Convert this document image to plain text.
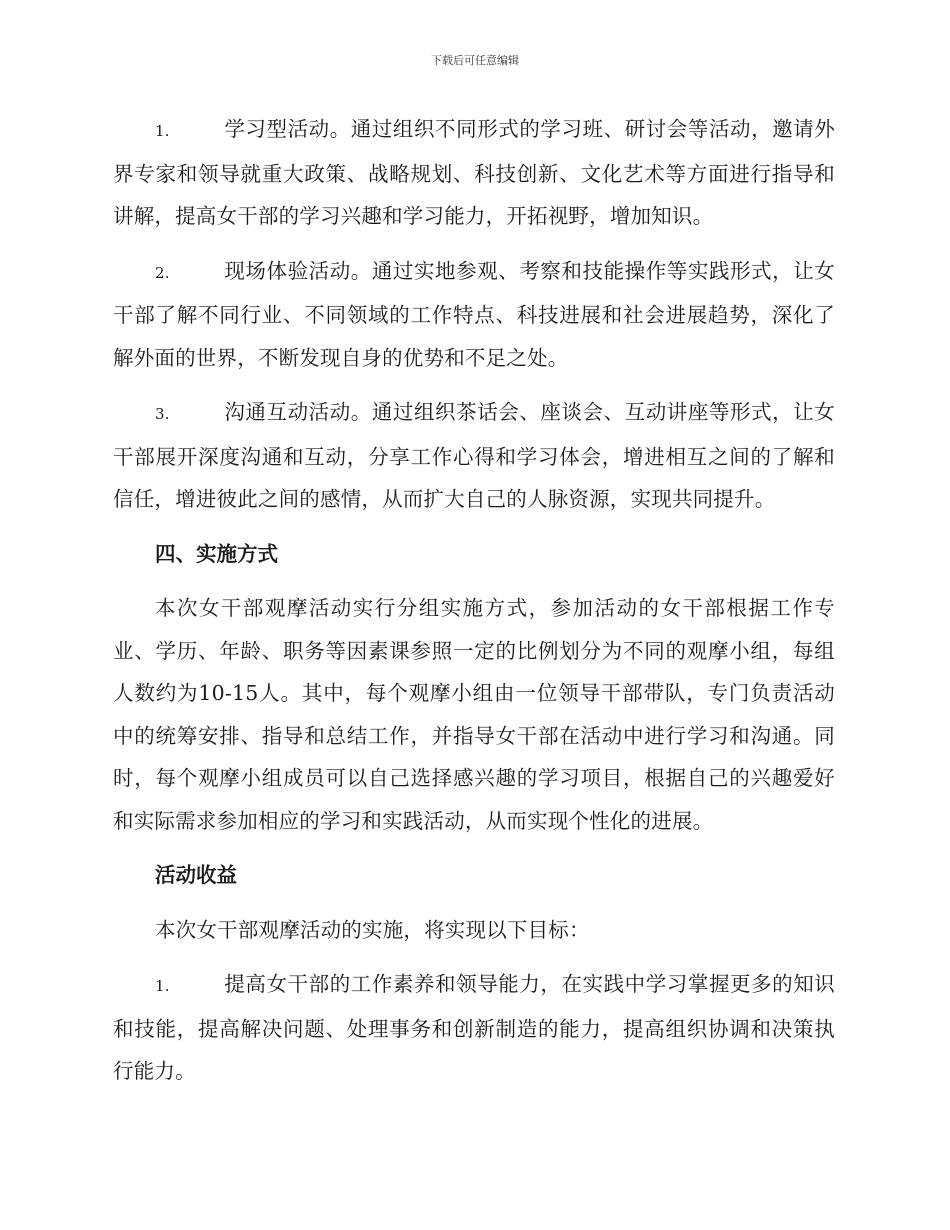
下载后可任意编辑

1.	学习型活动。通过组织不同形式的学习班、研讨会等活动，邀请外界专家和领导就重大政策、战略规划、科技创新、文化艺术等方面进行指导和讲解，提高女干部的学习兴趣和学习能力，开拓视野，增加知识。

2.	现场体验活动。通过实地参观、考察和技能操作等实践形式，让女干部了解不同行业、不同领域的工作特点、科技进展和社会进展趋势，深化了解外面的世界，不断发现自身的优势和不足之处。

3.	沟通互动活动。通过组织茶话会、座谈会、互动讲座等形式，让女干部展开深度沟通和互动，分享工作心得和学习体会，增进相互之间的了解和信任，增进彼此之间的感情，从而扩大自己的人脉资源，实现共同提升。

四、实施方式

本次女干部观摩活动实行分组实施方式，参加活动的女干部根据工作专业、学历、年龄、职务等因素课参照一定的比例划分为不同的观摩小组，每组人数约为10-15人。其中，每个观摩小组由一位领导干部带队，专门负责活动中的统筹安排、指导和总结工作，并指导女干部在活动中进行学习和沟通。同时，每个观摩小组成员可以自己选择感兴趣的学习项目，根据自己的兴趣爱好和实际需求参加相应的学习和实践活动，从而实现个性化的进展。

活动收益

本次女干部观摩活动的实施，将实现以下目标：

1.	提高女干部的工作素养和领导能力，在实践中学习掌握更多的知识和技能，提高解决问题、处理事务和创新制造的能力，提高组织协调和决策执行能力。
